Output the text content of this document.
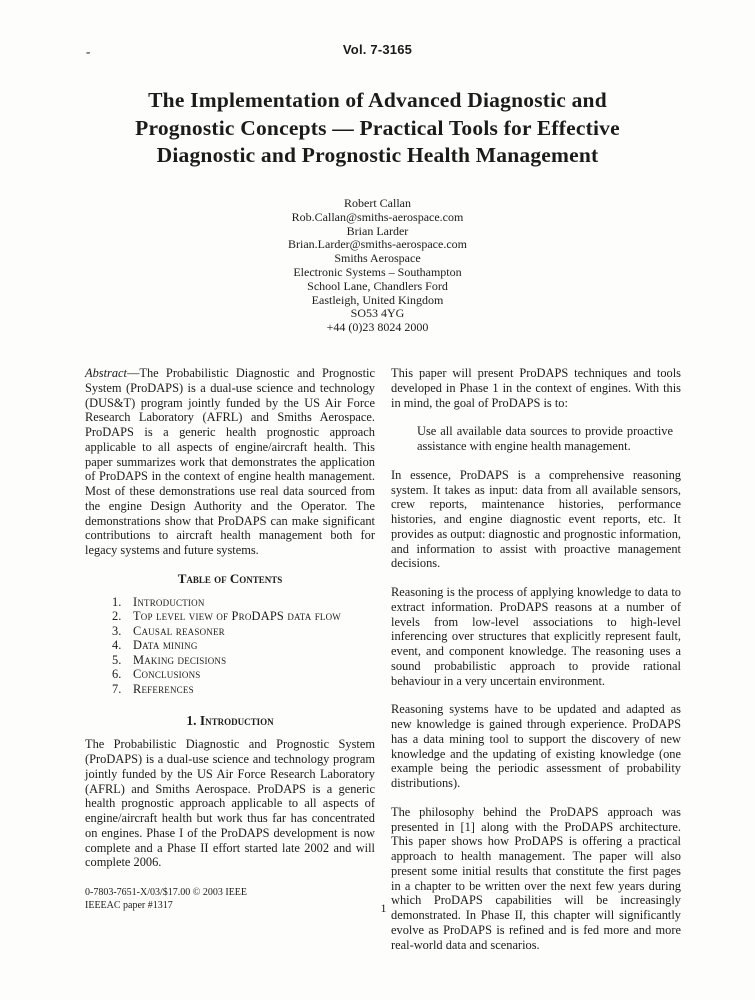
-	Vol. 7-3165
The Implementation of Advanced Diagnostic and
Prognostic Concepts — Practical Tools for Effective
Diagnostic and Prognostic Health Management
Robert Callan
Rob.Callan@smiths-aerospace.com
Brian Larder
Brian.Larder@smiths-aerospace.com
Smiths Aerospace
Electronic Systems – Southampton
School Lane, Chandlers Ford
Eastleigh, United Kingdom
SO53 4YG
+44 (0)23 8024 2000

Abstract—The Probabilistic Diagnostic and Prognostic System (ProDAPS) is a dual-use science and technology (DUS&T) program jointly funded by the US Air Force Research Laboratory (AFRL) and Smiths Aerospace. ProDAPS is a generic health prognostic approach applicable to all aspects of engine/aircraft health. This paper summarizes work that demonstrates the application of ProDAPS in the context of engine health management. Most of these demonstrations use real data sourced from the engine Design Authority and the Operator. The demonstrations show that ProDAPS can make significant contributions to aircraft health management both for legacy systems and future systems.

Table of Contents
1. Introduction
2. Top level view of ProDAPS data flow
3. Causal reasoner
4. Data mining
5. Making decisions
6. Conclusions
7. References
1. Introduction

The Probabilistic Diagnostic and Prognostic System (ProDAPS) is a dual-use science and technology program jointly funded by the US Air Force Research Laboratory (AFRL) and Smiths Aerospace. ProDAPS is a generic health prognostic approach applicable to all aspects of engine/aircraft health but work thus far has concentrated on engines. Phase I of the ProDAPS development is now complete and a Phase II effort started late 2002 and will complete 2006.

0-7803-7651-X/03/$17.00 © 2003 IEEE
IEEEAC paper #1317

This paper will present ProDAPS techniques and tools developed in Phase 1 in the context of engines. With this in mind, the goal of ProDAPS is to:

Use all available data sources to provide proactive assistance with engine health management.

In essence, ProDAPS is a comprehensive reasoning system. It takes as input: data from all available sensors, crew reports, maintenance histories, performance histories, and engine diagnostic event reports, etc. It provides as output: diagnostic and prognostic information, and information to assist with proactive management decisions.

Reasoning is the process of applying knowledge to data to extract information. ProDAPS reasons at a number of levels from low-level associations to high-level inferencing over structures that explicitly represent fault, event, and component knowledge. The reasoning uses a sound probabilistic approach to provide rational behaviour in a very uncertain environment.

Reasoning systems have to be updated and adapted as new knowledge is gained through experience. ProDAPS has a data mining tool to support the discovery of new knowledge and the updating of existing knowledge (one example being the periodic assessment of probability distributions).

The philosophy behind the ProDAPS approach was presented in [1] along with the ProDAPS architecture. This paper shows how ProDAPS is offering a practical approach to health management. The paper will also present some initial results that constitute the first pages in a chapter to be written over the next few years during which ProDAPS capabilities will be increasingly demonstrated. In Phase II, this chapter will significantly evolve as ProDAPS is refined and is fed more and more real-world data and scenarios.

1
